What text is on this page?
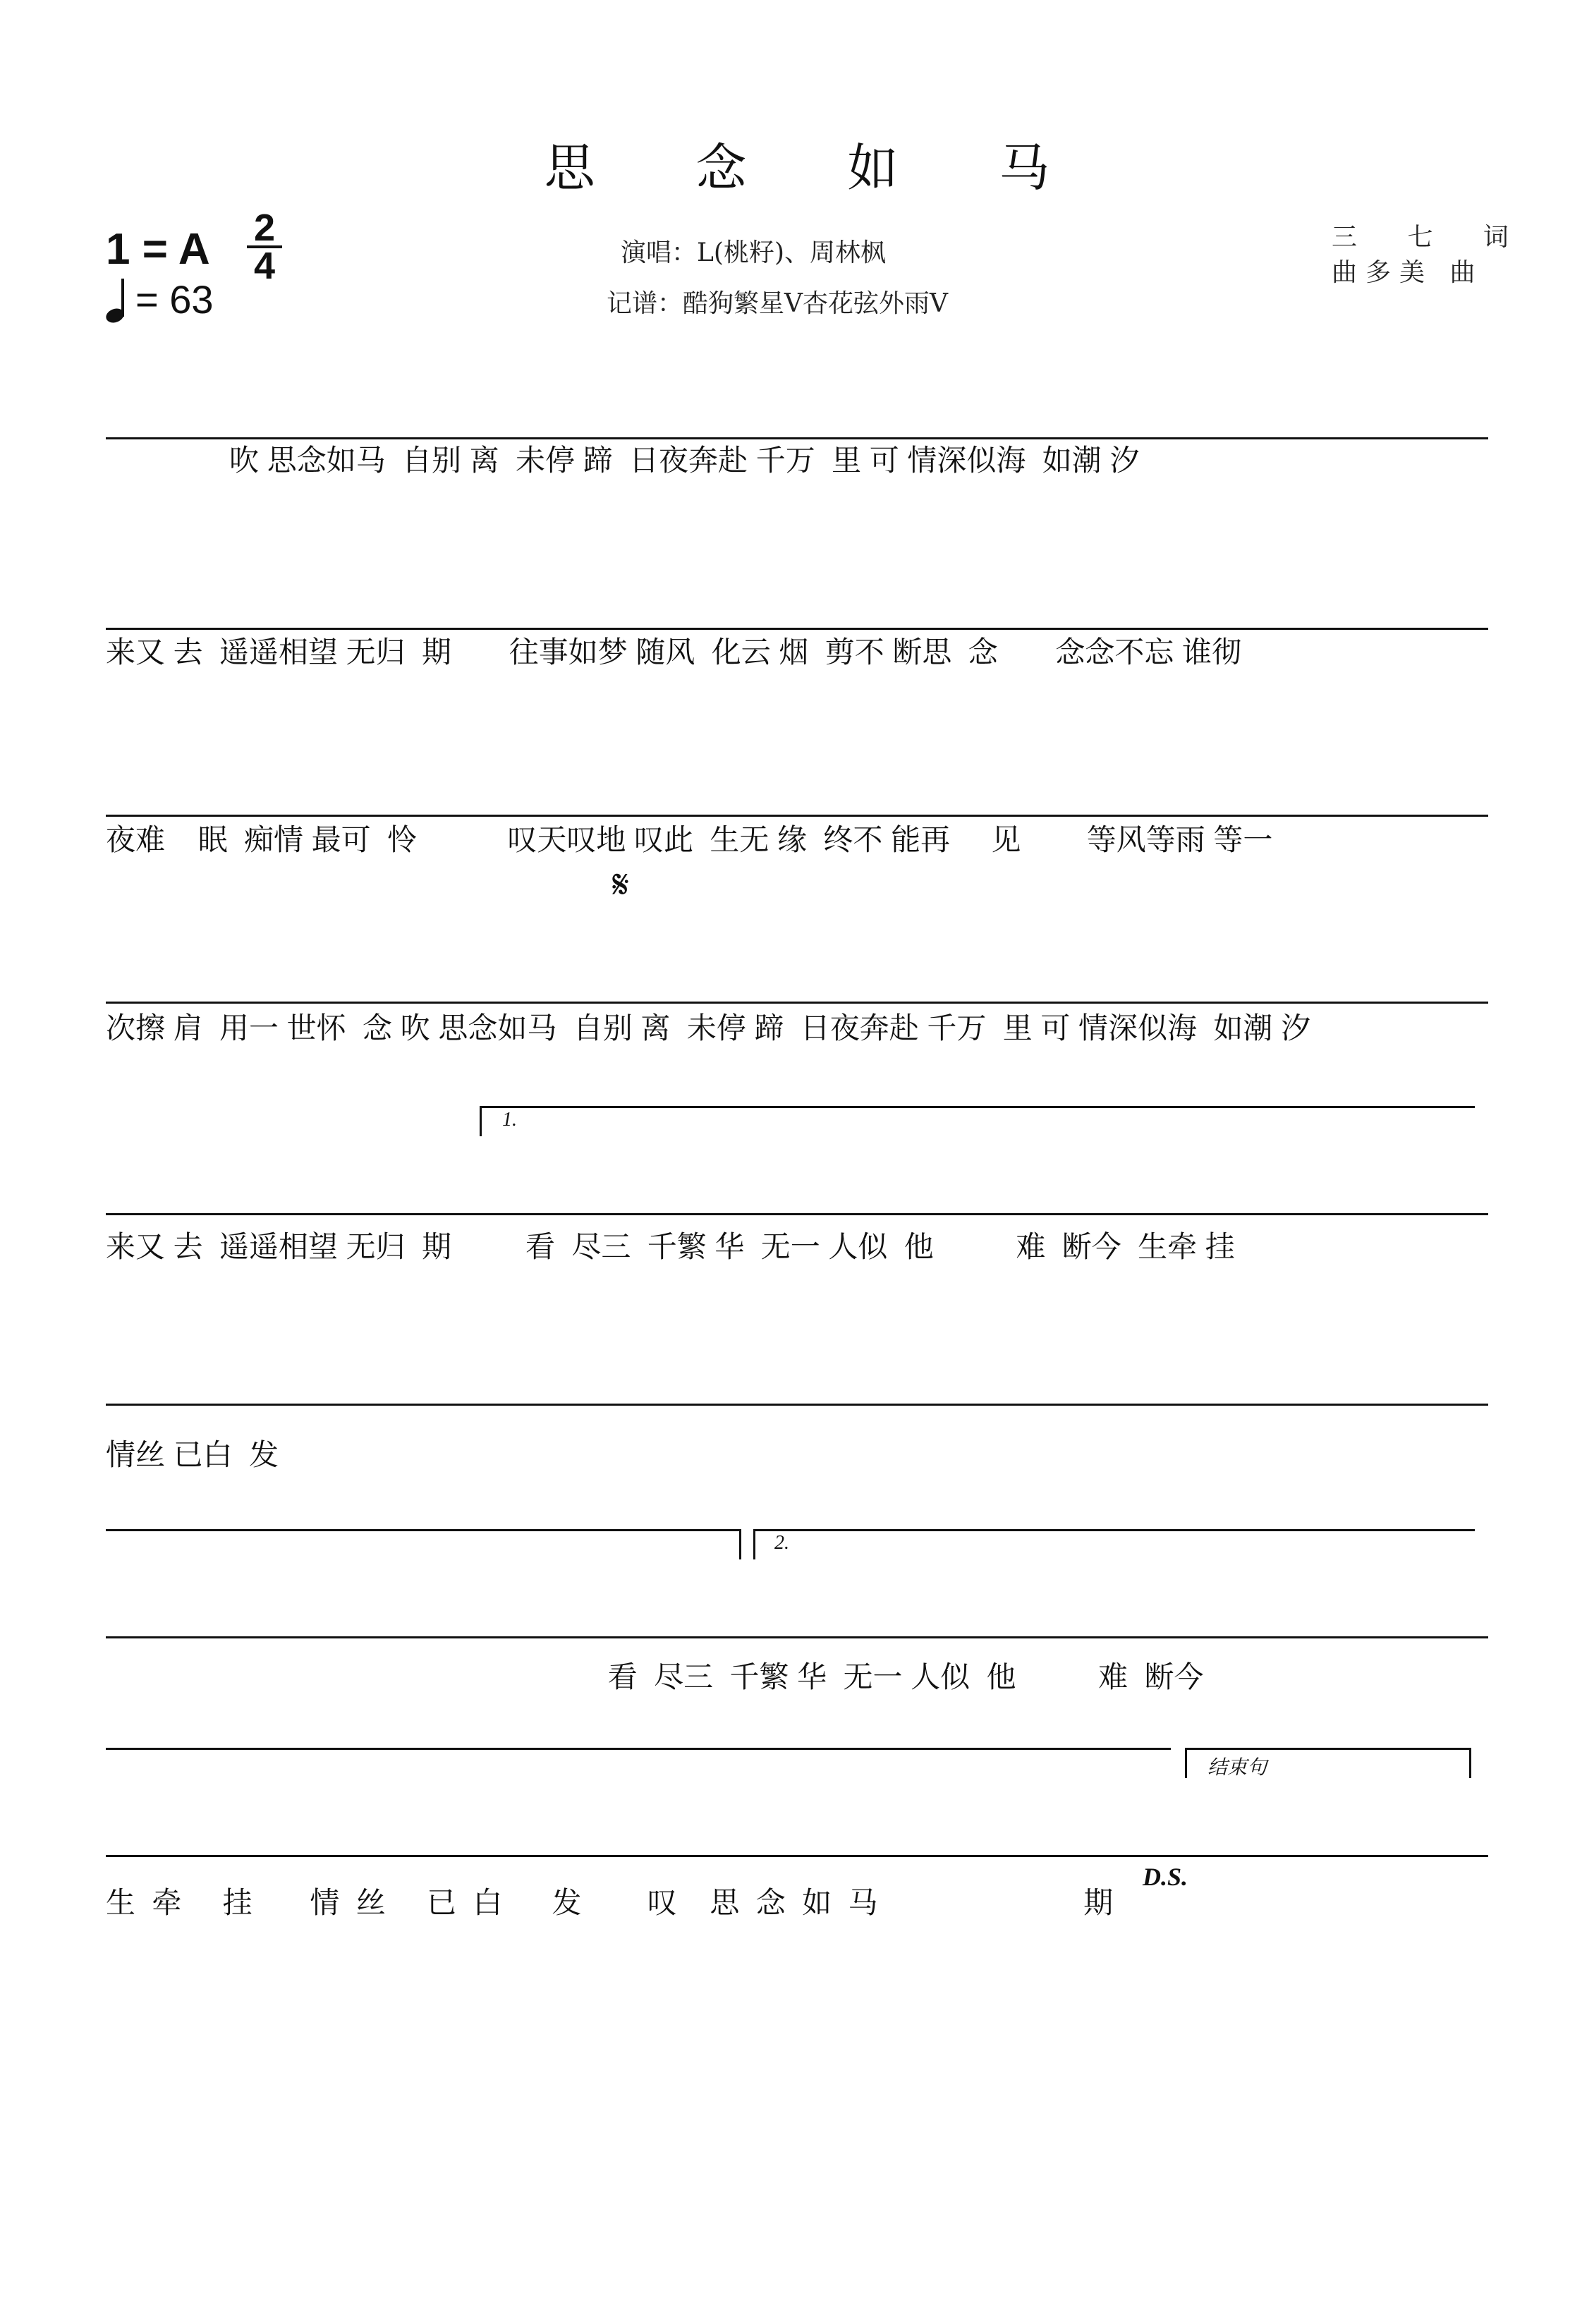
思 念 如 马
1 = A 2
4
= 63
演唱：L(桃籽)、周林枫
记谱：酷狗繁星V杏花弦外雨V
三 七 词
曲多美 曲
吹 思念如马  自别 离  未停 蹄  日夜奔赴 千万  里 可 情深似海  如潮 汐
来又 去  遥遥相望 无归  期       往事如梦 随风  化云 烟  剪不 断思  念       念念不忘 谁彻
夜难    眠  痴情 最可  怜           叹天叹地 叹此  生无 缘  终不 能再     见        等风等雨 等一
𝄋
次擦 肩  用一 世怀  念 吹 思念如马  自别 离  未停 蹄  日夜奔赴 千万  里 可 情深似海  如潮 汐
1.
来又 去  遥遥相望 无归  期         看  尽三  千繁 华  无一 人似  他          难  断今  生牵 挂
情丝 已白  发
2.
看  尽三  千繁 华  无一 人似  他          难  断今
结束句
D.S.
生  牵     挂       情  丝     已  白      发        叹    思  念  如  马                         期
